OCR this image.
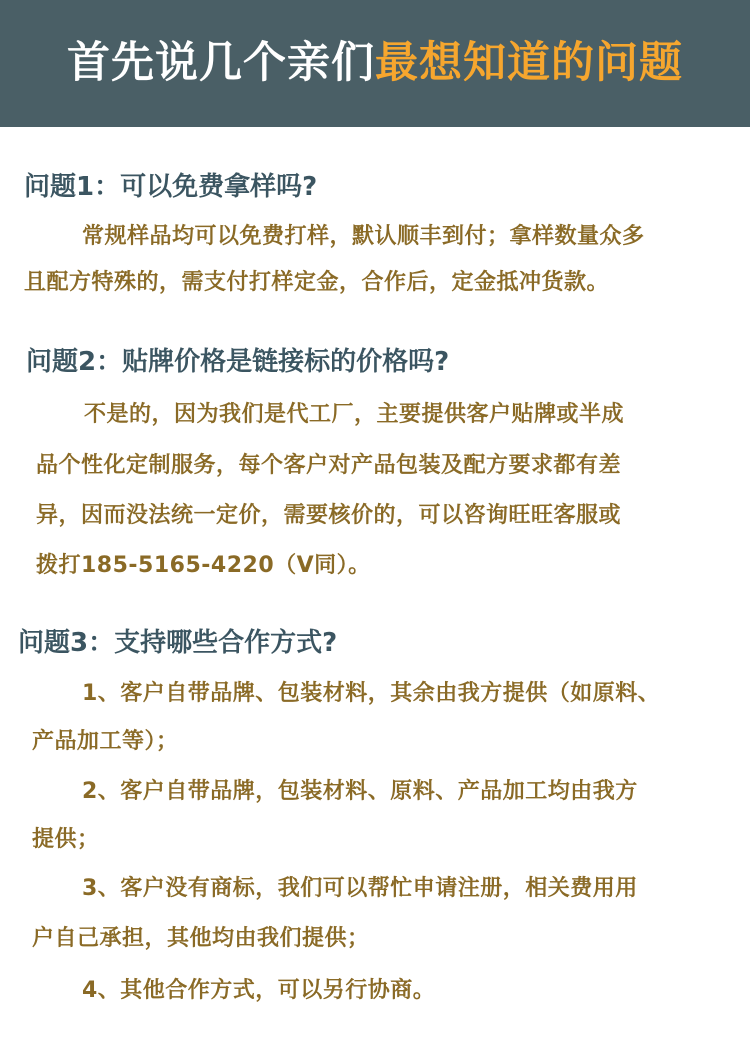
首先说几个亲们最想知道的问题
问题1：可以免费拿样吗?
常规样品均可以免费打样，默认顺丰到付；拿样数量众多
且配方特殊的，需支付打样定金，合作后，定金抵冲货款。
问题2：贴牌价格是链接标的价格吗?
不是的，因为我们是代工厂，主要提供客户贴牌或半成
品个性化定制服务，每个客户对产品包装及配方要求都有差
异，因而没法统一定价，需要核价的，可以咨询旺旺客服或
拨打185-5165-4220（V同）。
问题3：支持哪些合作方式?
1、客户自带品牌、包装材料，其余由我方提供（如原料、
产品加工等）；
2、客户自带品牌，包装材料、原料、产品加工均由我方
提供；
3、客户没有商标，我们可以帮忙申请注册，相关费用用
户自己承担，其他均由我们提供；
4、其他合作方式，可以另行协商。
